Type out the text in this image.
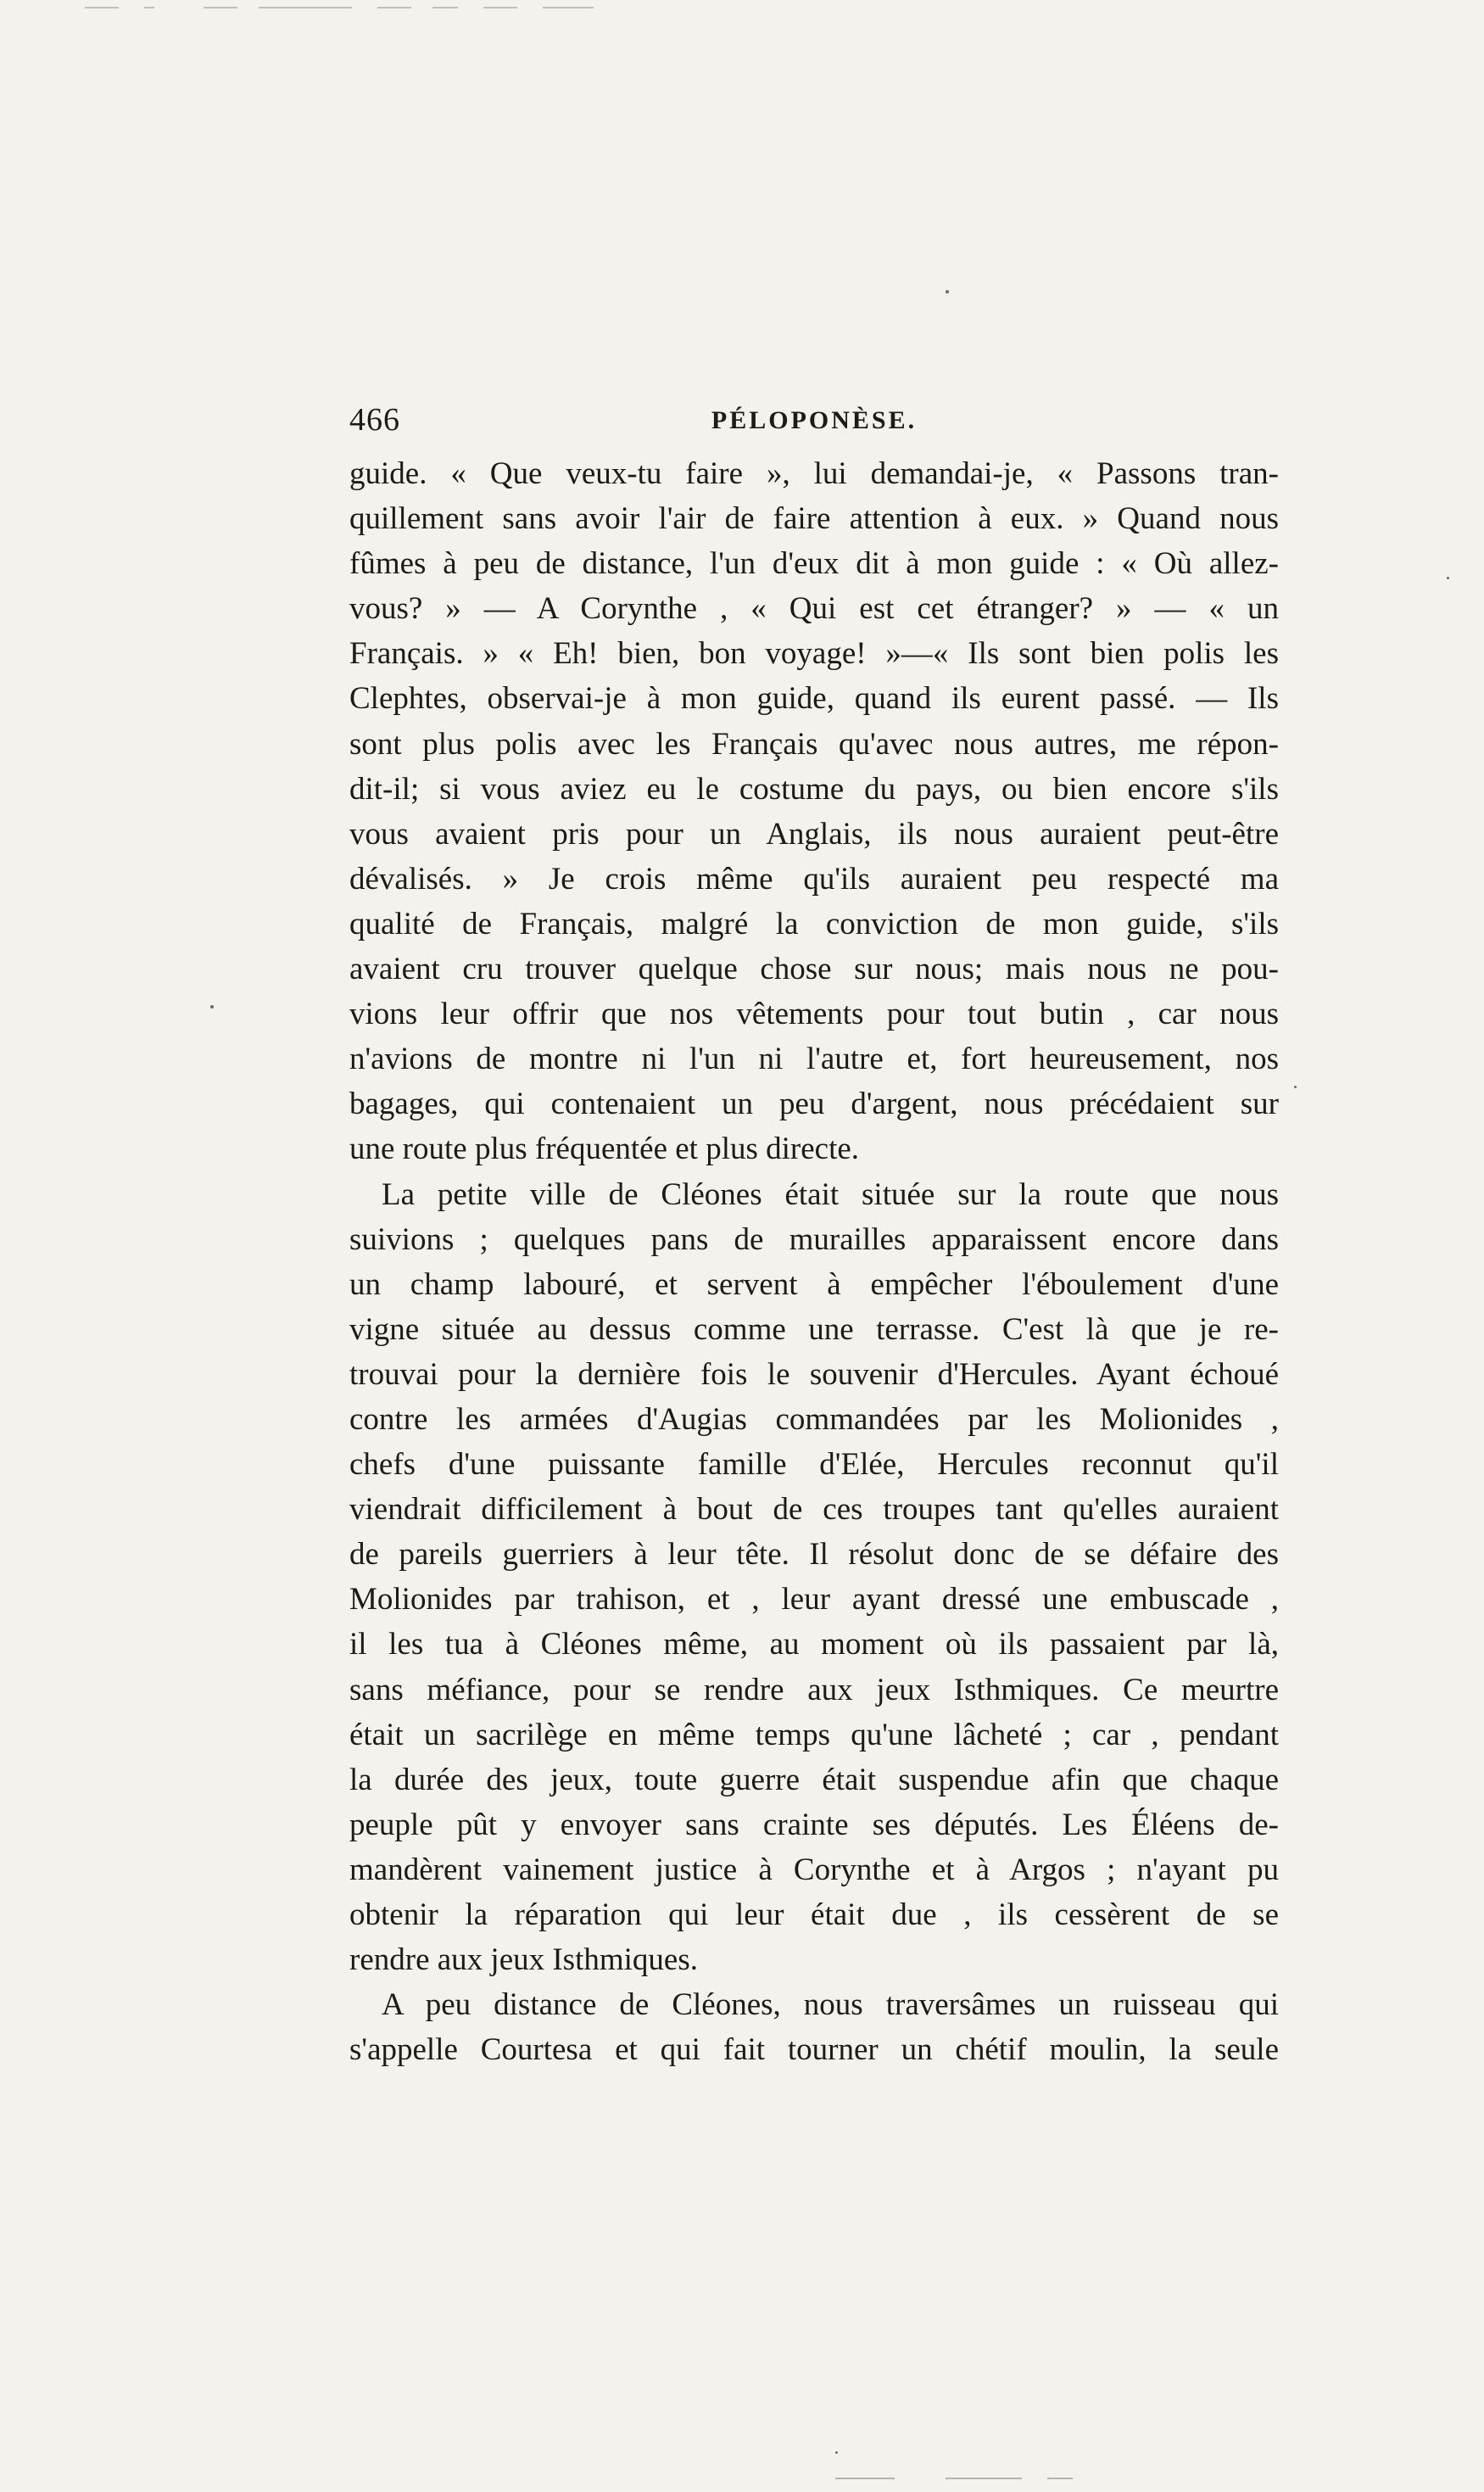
466	PÉLOPONÈSE.
guide. « Que veux-tu faire », lui demandai-je, « Passons tran-
quillement sans avoir l'air de faire attention à eux. » Quand nous
fûmes à peu de distance, l'un d'eux dit à mon guide : « Où allez-
vous? » — A Corynthe , « Qui est cet étranger? » — « un
Français. » « Eh! bien, bon voyage! »—« Ils sont bien polis les
Clephtes, observai-je à mon guide, quand ils eurent passé. — Ils
sont plus polis avec les Français qu'avec nous autres, me répon-
dit-il; si vous aviez eu le costume du pays, ou bien encore s'ils
vous avaient pris pour un Anglais, ils nous auraient peut-être
dévalisés. » Je crois même qu'ils auraient peu respecté ma
qualité de Français, malgré la conviction de mon guide, s'ils
avaient cru trouver quelque chose sur nous; mais nous ne pou-
vions leur offrir que nos vêtements pour tout butin , car nous
n'avions de montre ni l'un ni l'autre et, fort heureusement, nos
bagages, qui contenaient un peu d'argent, nous précédaient sur
une route plus fréquentée et plus directe.
La petite ville de Cléones était située sur la route que nous
suivions ; quelques pans de murailles apparaissent encore dans
un champ labouré, et servent à empêcher l'éboulement d'une
vigne située au dessus comme une terrasse. C'est là que je re-
trouvai pour la dernière fois le souvenir d'Hercules. Ayant échoué
contre les armées d'Augias commandées par les Molionides ,
chefs d'une puissante famille d'Elée, Hercules reconnut qu'il
viendrait difficilement à bout de ces troupes tant qu'elles auraient
de pareils guerriers à leur tête. Il résolut donc de se défaire des
Molionides par trahison, et , leur ayant dressé une embuscade ,
il les tua à Cléones même, au moment où ils passaient par là,
sans méfiance, pour se rendre aux jeux Isthmiques. Ce meurtre
était un sacrilège en même temps qu'une lâcheté ; car , pendant
la durée des jeux, toute guerre était suspendue afin que chaque
peuple pût y envoyer sans crainte ses députés. Les Éléens de-
mandèrent vainement justice à Corynthe et à Argos ; n'ayant pu
obtenir la réparation qui leur était due , ils cessèrent de se
rendre aux jeux Isthmiques.
A peu distance de Cléones, nous traversâmes un ruisseau qui
s'appelle Courtesa et qui fait tourner un chétif moulin, la seule
